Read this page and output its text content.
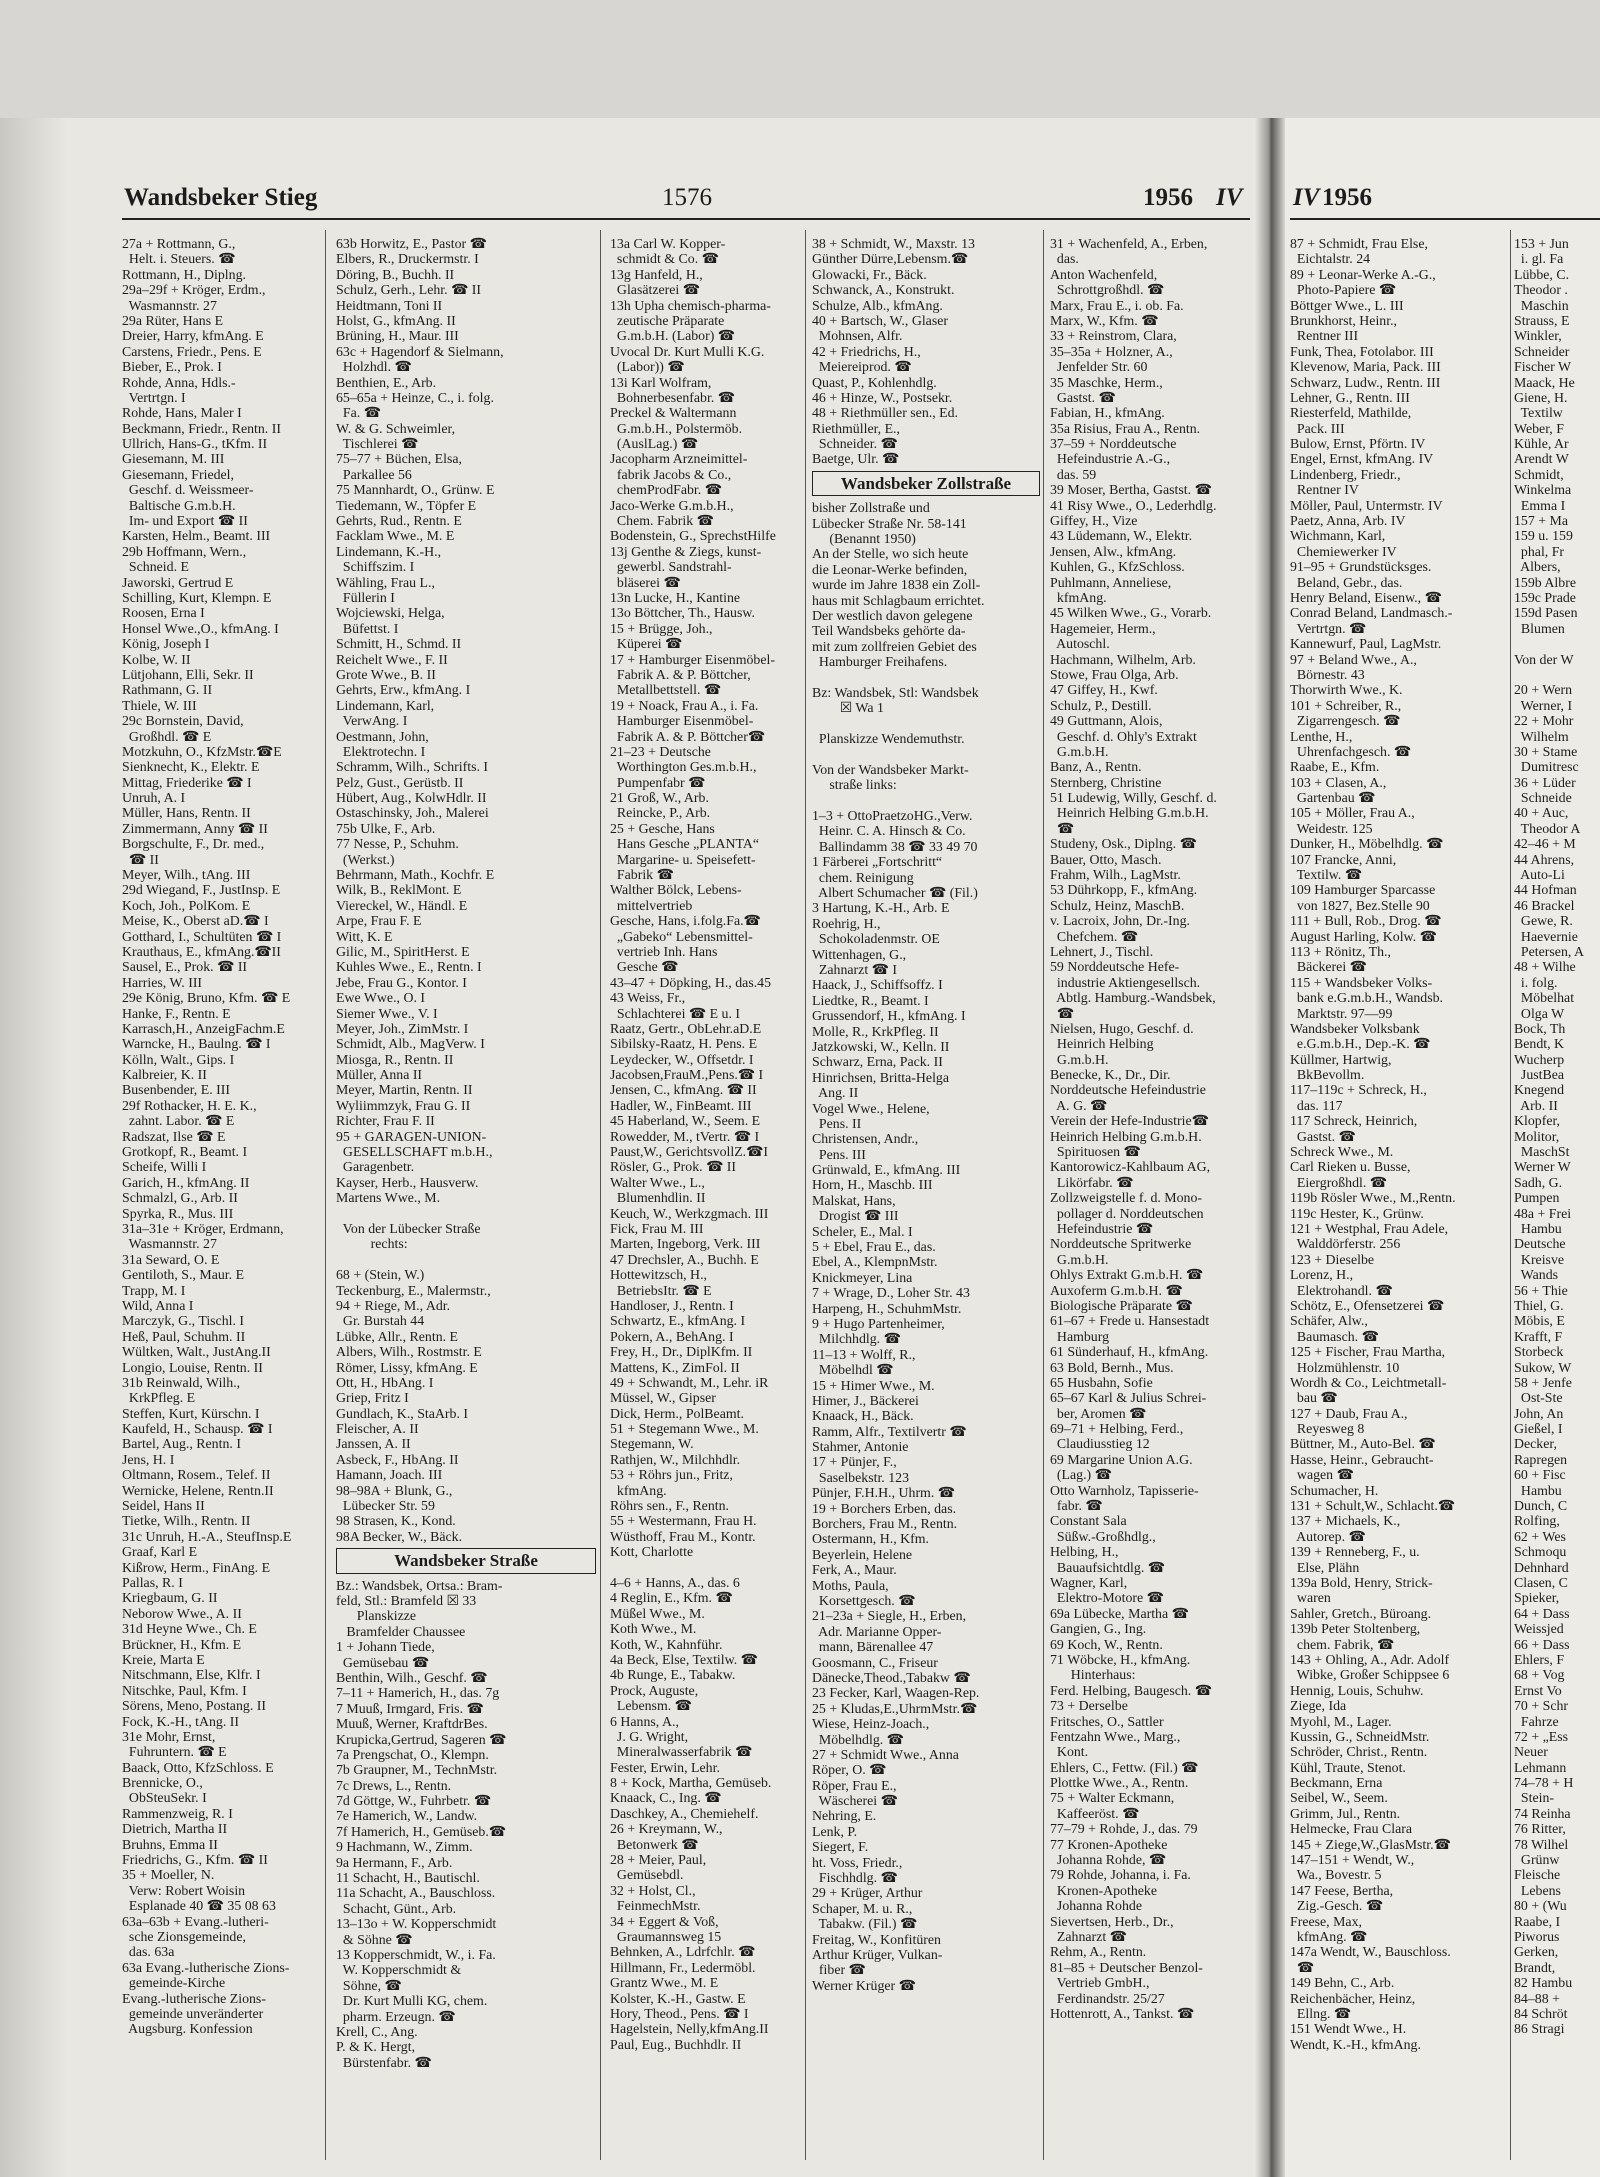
Wandsbeker Stieg	1576	1956 IV IV 1956
27a + Rottmann, G.,
Helt. i. Steuers. ☎
Rottmann, H., Diplng.
29a–29f + Kröger, Erdm.,
Wasmannstr. 27
29a Rüter, Hans E
Dreier, Harry, kfmAng. E
Carstens, Friedr., Pens. E
Bieber, E., Prok. I
Rohde, Anna, Hdls.-
Vertrtgn. I
Rohde, Hans, Maler I
Beckmann, Friedr., Rentn. II
Ullrich, Hans-G., tKfm. II
Giesemann, M. III
Giesemann, Friedel,
Geschf. d. Weissmeer-
Baltische G.m.b.H.
Im- und Export ☎ II
Karsten, Helm., Beamt. III
29b Hoffmann, Wern.,
Schneid. E
Jaworski, Gertrud E
Schilling, Kurt, Klempn. E
Roosen, Erna I
Honsel Wwe.,O., kfmAng. I
König, Joseph I
Kolbe, W. II
Lütjohann, Elli, Sekr. II
Rathmann, G. II
Thiele, W. III
29c Bornstein, David,
Großhdl. ☎ E
Motzkuhn, O., KfzMstr.☎E
Sienknecht, K., Elektr. E
Mittag, Friederike ☎ I
Unruh, A. I
Müller, Hans, Rentn. II
Zimmermann, Anny ☎ II
Borgschulte, F., Dr. med.,
☎ II
Meyer, Wilh., tAng. III
29d Wiegand, F., JustInsp. E
Koch, Joh., PolKom. E
Meise, K., Oberst aD.☎ I
Gotthard, I., Schultüten ☎ I
Krauthaus, E., kfmAng.☎II
Sausel, E., Prok. ☎ II
Harries, W. III
29e König, Bruno, Kfm. ☎ E
Hanke, F., Rentn. E
Karrasch,H., AnzeigFachm.E
Warncke, H., Baulng. ☎ I
Kölln, Walt., Gips. I
Kalbreier, K. II
Busenbender, E. III
29f Rothacker, H. E. K.,
zahnt. Labor. ☎ E
Radszat, Ilse ☎ E
Grotkopf, R., Beamt. I
Scheife, Willi I
Garich, H., kfmAng. II
Schmalzl, G., Arb. II
Spyrka, R., Mus. III
31a–31e + Kröger, Erdmann,
Wasmannstr. 27
31a Seward, O. E
Gentiloth, S., Maur. E
Trapp, M. I
Wild, Anna I
Marczyk, G., Tischl. I
Heß, Paul, Schuhm. II
Wültken, Walt., JustAng.II
Longio, Louise, Rentn. II
31b Reinwald, Wilh.,
KrkPfleg. E
Steffen, Kurt, Kürschn. I
Kaufeld, H., Schausp. ☎ I
Bartel, Aug., Rentn. I
Jens, H. I
Oltmann, Rosem., Telef. II
Wernicke, Helene, Rentn.II
Seidel, Hans II
Tietke, Wilh., Rentn. II
31c Unruh, H.-A., SteufInsp.E
Graaf, Karl E
Kißrow, Herm., FinAng. E
Pallas, R. I
Kriegbaum, G. II
Neborow Wwe., A. II
31d Heyne Wwe., Ch. E
Brückner, H., Kfm. E
Kreie, Marta E
Nitschmann, Else, Klfr. I
Nitschke, Paul, Kfm. I
Sörens, Meno, Postang. II
Fock, K.-H., tAng. II
31e Mohr, Ernst,
Fuhruntern. ☎ E
Baack, Otto, KfzSchloss. E
Brennicke, O.,
ObSteuSekr. I
Rammenzweig, R. I
Dietrich, Martha II
Bruhns, Emma II
Friedrichs, G., Kfm. ☎ II
35 + Moeller, N.
Verw: Robert Woisin
Esplanade 40 ☎ 35 08 63
63a–63b + Evang.-lutheri-
sche Zionsgemeinde,
das. 63a
63a Evang.-lutherische Zions-
gemeinde-Kirche
Evang.-lutherische Zions-
gemeinde unveränderter
Augsburg. Konfession
63b Horwitz, E., Pastor ☎
Elbers, R., Druckermstr. I
Döring, B., Buchh. II
Schulz, Gerh., Lehr. ☎ II
Heidtmann, Toni II
Holst, G., kfmAng. II
Brüning, H., Maur. III
63c + Hagendorf & Sielmann,
Holzhdl. ☎
Benthien, E., Arb.
65–65a + Heinze, C., i. folg.
Fa. ☎
W. & G. Schweimler,
Tischlerei ☎
75–77 + Büchen, Elsa,
Parkallee 56
75 Mannhardt, O., Grünw. E
Tiedemann, W., Töpfer E
Gehrts, Rud., Rentn. E
Facklam Wwe., M. E
Lindemann, K.-H.,
Schiffszim. I
Wähling, Frau L.,
Füllerin I
Wojciewski, Helga,
Büfettst. I
Schmitt, H., Schmd. II
Reichelt Wwe., F. II
Grote Wwe., B. II
Gehrts, Erw., kfmAng. I
Lindemann, Karl,
VerwAng. I
Oestmann, John,
Elektrotechn. I
Schramm, Wilh., Schrifts. I
Pelz, Gust., Gerüstb. II
Hübert, Aug., KolwHdlr. II
Ostaschinsky, Joh., Malerei
75b Ulke, F., Arb.
77 Nesse, P., Schuhm.
(Werkst.)
Behrmann, Math., Kochfr. E
Wilk, B., ReklMont. E
Viereckel, W., Händl. E
Arpe, Frau F. E
Witt, K. E
Gilic, M., SpiritHerst. E
Kuhles Wwe., E., Rentn. I
Jebe, Frau G., Kontor. I
Ewe Wwe., O. I
Siemer Wwe., V. I
Meyer, Joh., ZimMstr. I
Schmidt, Alb., MagVerw. I
Miosga, R., Rentn. II
Müller, Anna II
Meyer, Martin, Rentn. II
Wyliimmzyk, Frau G. II
Richter, Frau F. II
95 + GARAGEN-UNION-
GESELLSCHAFT m.b.H.,
Garagenbetr.
Kayser, Herb., Hausverw.
Martens Wwe., M.
Von der Lübecker Straße
rechts:
68 + (Stein, W.)
Teckenburg, E., Malermstr.,
94 + Riege, M., Adr.
Gr. Burstah 44
Lübke, Allr., Rentn. E
Albers, Wilh., Rostmstr. E
Römer, Lissy, kfmAng. E
Ott, H., HbAng. I
Griep, Fritz I
Gundlach, K., StaArb. I
Fleischer, A. II
Janssen, A. II
Asbeck, F., HbAng. II
Hamann, Joach. III
98–98A + Blunk, G.,
Lübecker Str. 59
98 Strasen, K., Kond.
98A Becker, W., Bäck.
Wandsbeker Straße
Bz.: Wandsbek, Ortsa.: Bram-
feld, Stl.: Bramfeld ☒ 33
Planskizze
Bramfelder Chaussee
1 + Johann Tiede,
Gemüsebau ☎
Benthin, Wilh., Geschf. ☎
7–11 + Hamerich, H., das. 7g
7 Muuß, Irmgard, Fris. ☎
Muuß, Werner, KraftdrBes.
Krupicka,Gertrud, Sageren ☎
7a Prengschat, O., Klempn.
7b Graupner, M., TechnMstr.
7c Drews, L., Rentn.
7d Göttge, W., Fuhrbetr. ☎
7e Hamerich, W., Landw.
7f Hamerich, H., Gemüseb.☎
9 Hachmann, W., Zimm.
9a Hermann, F., Arb.
11 Schacht, H., Bautischl.
11a Schacht, A., Bauschloss.
Schacht, Günt., Arb.
13–13o + W. Kopperschmidt
& Söhne ☎
13 Kopperschmidt, W., i. Fa.
W. Kopperschmidt &
Söhne, ☎
Dr. Kurt Mulli KG, chem.
pharm. Erzeugn. ☎
Krell, C., Ang.
P. & K. Hergt,
Bürstenfabr. ☎
13a Carl W. Kopper-
schmidt & Co. ☎
13g Hanfeld, H.,
Glasätzerei ☎
13h Upha chemisch-pharma-
zeutische Präparate
G.m.b.H. (Labor) ☎
Uvocal Dr. Kurt Mulli K.G.
(Labor)) ☎
13i Karl Wolfram,
Bohnerbesenfabr. ☎
Preckel & Waltermann
G.m.b.H., Polstermöb.
(AuslLag.) ☎
Jacopharm Arzneimittel-
fabrik Jacobs & Co.,
chemProdFabr. ☎
Jaco-Werke G.m.b.H.,
Chem. Fabrik ☎
Bodenstein, G., SprechstHilfe
13j Genthe & Ziegs, kunst-
gewerbl. Sandstrahl-
bläserei ☎
13n Lucke, H., Kantine
13o Böttcher, Th., Hausw.
15 + Brügge, Joh.,
Küperei ☎
17 + Hamburger Eisenmöbel-
Fabrik A. & P. Böttcher,
Metallbettstell. ☎
19 + Noack, Frau A., i. Fa.
Hamburger Eisenmöbel-
Fabrik A. & P. Böttcher☎
21–23 + Deutsche
Worthington Ges.m.b.H.,
Pumpenfabr ☎
21 Groß, W., Arb.
Reincke, P., Arb.
25 + Gesche, Hans
Hans Gesche „PLANTA“
Margarine- u. Speisefett-
Fabrik ☎
Walther Bölck, Lebens-
mittelvertrieb
Gesche, Hans, i.folg.Fa.☎
„Gabeko“ Lebensmittel-
vertrieb Inh. Hans
Gesche ☎
43–47 + Döpking, H., das.45
43 Weiss, Fr.,
Schlachterei ☎ E u. I
Raatz, Gertr., ObLehr.aD.E
Sibilsky-Raatz, H. Pens. E
Leydecker, W., Offsetdr. I
Jacobsen,FrauM.,Pens.☎ I
Jensen, C., kfmAng. ☎ II
Hadler, W., FinBeamt. III
45 Haberland, W., Seem. E
Rowedder, M., tVertr. ☎ I
Paust,W., GerichtsvollZ.☎I
Rösler, G., Prok. ☎ II
Walter Wwe., L.,
Blumenhdlin. II
Keuch, W., Werkzgmach. III
Fick, Frau M. III
Marten, Ingeborg, Verk. III
47 Drechsler, A., Buchh. E
Hottewitzsch, H.,
BetriebsItr. ☎ E
Handloser, J., Rentn. I
Schwartz, E., kfmAng. I
Pokern, A., BehAng. I
Frey, H., Dr., DiplKfm. II
Mattens, K., ZimFol. II
49 + Schwandt, M., Lehr. iR
Müssel, W., Gipser
Dick, Herm., PolBeamt.
51 + Stegemann Wwe., M.
Stegemann, W.
Rathjen, W., Milchhdlr.
53 + Röhrs jun., Fritz,
kfmAng.
Röhrs sen., F., Rentn.
55 + Westermann, Frau H.
Wüsthoff, Frau M., Kontr.
Kott, Charlotte
4–6 + Hanns, A., das. 6
4 Reglin, E., Kfm. ☎
Müßel Wwe., M.
Koth Wwe., M.
Koth, W., Kahnführ.
4a Beck, Else, Textilw. ☎
4b Runge, E., Tabakw.
Prock, Auguste,
Lebensm. ☎
6 Hanns, A.,
J. G. Wright,
Mineralwasserfabrik ☎
Fester, Erwin, Lehr.
8 + Kock, Martha, Gemüseb.
Knaack, C., Ing. ☎
Daschkey, A., Chemiehelf.
26 + Kreymann, W.,
Betonwerk ☎
28 + Meier, Paul,
Gemüsebdl.
32 + Holst, Cl.,
FeinmechMstr.
34 + Eggert & Voß,
Graumannsweg 15
Behnken, A., Ldrfchlr. ☎
Hillmann, Fr., Ledermöbl.
Grantz Wwe., M. E
Kolster, K.-H., Gastw. E
Hory, Theod., Pens. ☎ I
Hagelstein, Nelly,kfmAng.II
Paul, Eug., Buchhdlr. II
38 + Schmidt, W., Maxstr. 13
Günther Dürre,Lebensm.☎
Glowacki, Fr., Bäck.
Schwanck, A., Konstrukt.
Schulze, Alb., kfmAng.
40 + Bartsch, W., Glaser
Mohnsen, Alfr.
42 + Friedrichs, H.,
Meiereiprod. ☎
Quast, P., Kohlenhdlg.
46 + Hinze, W., Postsekr.
48 + Riethmüller sen., Ed.
Riethmüller, E.,
Schneider. ☎
Baetge, Ulr. ☎
Wandsbeker Zollstraße
bisher Zollstraße und
Lübecker Straße Nr. 58-141
(Benannt 1950)
An der Stelle, wo sich heute
die Leonar-Werke befinden,
wurde im Jahre 1838 ein Zoll-
haus mit Schlagbaum errichtet.
Der westlich davon gelegene
Teil Wandsbeks gehörte da-
mit zum zollfreien Gebiet des
Hamburger Freihafens.
Bz: Wandsbek, Stl: Wandsbek
☒ Wa 1
Planskizze Wendemuthstr.
Von der Wandsbeker Markt-
straße links:
1–3 + OttoPraetzoHG.,Verw.
Heinr. C. A. Hinsch & Co.
Ballindamm 38 ☎ 33 49 70
1 Färberei „Fortschritt“
chem. Reinigung
Albert Schumacher ☎ (Fil.)
3 Hartung, K.-H., Arb. E
Roehrig, H.,
Schokoladenmstr. OE
Wittenhagen, G.,
Zahnarzt ☎ I
Haack, J., Schiffsoffz. I
Liedtke, R., Beamt. I
Grussendorf, H., kfmAng. I
Molle, R., KrkPfleg. II
Jatzkowski, W., Kelln. II
Schwarz, Erna, Pack. II
Hinrichsen, Britta-Helga
Ang. II
Vogel Wwe., Helene,
Pens. II
Christensen, Andr.,
Pens. III
Grünwald, E., kfmAng. III
Horn, H., Maschb. III
Malskat, Hans,
Drogist ☎ III
Scheler, E., Mal. I
5 + Ebel, Frau E., das.
Ebel, A., KlempnMstr.
Knickmeyer, Lina
7 + Wrage, D., Loher Str. 43
Harpeng, H., SchuhmMstr.
9 + Hugo Partenheimer,
Milchhdlg. ☎
11–13 + Wolff, R.,
Möbelhdl ☎
15 + Himer Wwe., M.
Himer, J., Bäckerei
Knaack, H., Bäck.
Ramm, Alfr., Textilvertr ☎
Stahmer, Antonie
17 + Pünjer, F.,
Saselbekstr. 123
Pünjer, F.H.H., Uhrm. ☎
19 + Borchers Erben, das.
Borchers, Frau M., Rentn.
Ostermann, H., Kfm.
Beyerlein, Helene
Ferk, A., Maur.
Moths, Paula,
Korsettgesch. ☎
21–23a + Siegle, H., Erben,
Adr. Marianne Opper-
mann, Bärenallee 47
Goosmann, C., Friseur
Dänecke,Theod.,Tabakw ☎
23 Fecker, Karl, Waagen-Rep.
25 + Kludas,E.,UhrmMstr.☎
Wiese, Heinz-Joach.,
Möbelhdlg. ☎
27 + Schmidt Wwe., Anna
Röper, O. ☎
Röper, Frau E.,
Wäscherei ☎
Nehring, E.
Lenk, P.
Siegert, F.
ht. Voss, Friedr.,
Fischhdlg. ☎
29 + Krüger, Arthur
Schaper, M. u. R.,
Tabakw. (Fil.) ☎
Freitag, W., Konfitüren
Arthur Krüger, Vulkan-
fiber ☎
Werner Krüger ☎
31 + Wachenfeld, A., Erben,
das.
Anton Wachenfeld,
Schrottgroßhdl. ☎
Marx, Frau E., i. ob. Fa.
Marx, W., Kfm. ☎
33 + Reinstrom, Clara,
35–35a + Holzner, A.,
Jenfelder Str. 60
35 Maschke, Herm.,
Gastst. ☎
Fabian, H., kfmAng.
35a Risius, Frau A., Rentn.
37–59 + Norddeutsche
Hefeindustrie A.-G.,
das. 59
39 Moser, Bertha, Gastst. ☎
41 Risy Wwe., O., Lederhdlg.
Giffey, H., Vize
43 Lüdemann, W., Elektr.
Jensen, Alw., kfmAng.
Kuhlen, G., KfzSchloss.
Puhlmann, Anneliese,
kfmAng.
45 Wilken Wwe., G., Vorarb.
Hagemeier, Herm.,
Autoschl.
Hachmann, Wilhelm, Arb.
Stowe, Frau Olga, Arb.
47 Giffey, H., Kwf.
Schulz, P., Destill.
49 Guttmann, Alois,
Geschf. d. Ohly's Extrakt
G.m.b.H.
Banz, A., Rentn.
Sternberg, Christine
51 Ludewig, Willy, Geschf. d.
Heinrich Helbing G.m.b.H.
☎
Studeny, Osk., Diplng. ☎
Bauer, Otto, Masch.
Frahm, Wilh., LagMstr.
53 Dührkopp, F., kfmAng.
Schulz, Heinz, MaschB.
v. Lacroix, John, Dr.-Ing.
Chefchem. ☎
Lehnert, J., Tischl.
59 Norddeutsche Hefe-
industrie Aktiengesellsch.
Abtlg. Hamburg.-Wandsbek,
☎
Nielsen, Hugo, Geschf. d.
Heinrich Helbing
G.m.b.H.
Benecke, K., Dr., Dir.
Norddeutsche Hefeindustrie
A. G. ☎
Verein der Hefe-Industrie☎
Heinrich Helbing G.m.b.H.
Spirituosen ☎
Kantorowicz-Kahlbaum AG,
Likörfabr. ☎
Zollzweigstelle f. d. Mono-
pollager d. Norddeutschen
Hefeindustrie ☎
Norddeutsche Spritwerke
G.m.b.H.
Ohlys Extrakt G.m.b.H. ☎
Auxoferm G.m.b.H. ☎
Biologische Präparate ☎
61–67 + Frede u. Hansestadt
Hamburg
61 Sünderhauf, H., kfmAng.
63 Bold, Bernh., Mus.
65 Husbahn, Sofie
65–67 Karl & Julius Schrei-
ber, Aromen ☎
69–71 + Helbing, Ferd.,
Claudiusstieg 12
69 Margarine Union A.G.
(Lag.) ☎
Otto Warnholz, Tapisserie-
fabr. ☎
Constant Sala
Süßw.-Großhdlg.,
Helbing, H.,
Bauaufsichtdlg. ☎
Wagner, Karl,
Elektro-Motore ☎
69a Lübecke, Martha ☎
Gangien, G., Ing.
69 Koch, W., Rentn.
71 Wöbcke, H., kfmAng.
Hinterhaus:
Ferd. Helbing, Baugesch. ☎
73 + Derselbe
Fritsches, O., Sattler
Fentzahn Wwe., Marg.,
Kont.
Ehlers, C., Fettw. (Fil.) ☎
Plottke Wwe., A., Rentn.
75 + Walter Eckmann,
Kaffeeröst. ☎
77–79 + Rohde, J., das. 79
77 Kronen-Apotheke
Johanna Rohde, ☎
79 Rohde, Johanna, i. Fa.
Kronen-Apotheke
Johanna Rohde
Sievertsen, Herb., Dr.,
Zahnarzt ☎
Rehm, A., Rentn.
81–85 + Deutscher Benzol-
Vertrieb GmbH.,
Ferdinandstr. 25/27
Hottenrott, A., Tankst. ☎
87 + Schmidt, Frau Else,
Eichtalstr. 24
89 + Leonar-Werke A.-G.,
Photo-Papiere ☎
Böttger Wwe., L. III
Brunkhorst, Heinr.,
Rentner III
Funk, Thea, Fotolabor. III
Klevenow, Maria, Pack. III
Schwarz, Ludw., Rentn. III
Lehner, G., Rentn. III
Riesterfeld, Mathilde,
Pack. III
Bulow, Ernst, Pförtn. IV
Engel, Ernst, kfmAng. IV
Lindenberg, Friedr.,
Rentner IV
Möller, Paul, Untermstr. IV
Paetz, Anna, Arb. IV
Wichmann, Karl,
Chemiewerker IV
91–95 + Grundstücksges.
Beland, Gebr., das.
Henry Beland, Eisenw., ☎
Conrad Beland, Landmasch.-
Vertrtgn. ☎
Kannewurf, Paul, LagMstr.
97 + Beland Wwe., A.,
Börnestr. 43
Thorwirth Wwe., K.
101 + Schreiber, R.,
Zigarrengesch. ☎
Lenthe, H.,
Uhrenfachgesch. ☎
Raabe, E., Kfm.
103 + Clasen, A.,
Gartenbau ☎
105 + Möller, Frau A.,
Weidestr. 125
Dunker, H., Möbelhdlg. ☎
107 Francke, Anni,
Textilw. ☎
109 Hamburger Sparcasse
von 1827, Bez.Stelle 90
111 + Bull, Rob., Drog. ☎
August Harling, Kolw. ☎
113 + Rönitz, Th.,
Bäckerei ☎
115 + Wandsbeker Volks-
bank e.G.m.b.H., Wandsb.
Marktstr. 97—99
Wandsbeker Volksbank
e.G.m.b.H., Dep.-K. ☎
Küllmer, Hartwig,
BkBevollm.
117–119c + Schreck, H.,
das. 117
117 Schreck, Heinrich,
Gastst. ☎
Schreck Wwe., M.
Carl Rieken u. Busse,
Eiergroßhdl. ☎
119b Rösler Wwe., M.,Rentn.
119c Hester, K., Grünw.
121 + Westphal, Frau Adele,
Walddörferstr. 256
123 + Dieselbe
Lorenz, H.,
Elektrohandl. ☎
Schötz, E., Ofensetzerei ☎
Schäfer, Alw.,
Baumasch. ☎
125 + Fischer, Frau Martha,
Holzmühlenstr. 10
Wordh & Co., Leichtmetall-
bau ☎
127 + Daub, Frau A.,
Reyesweg 8
Büttner, M., Auto-Bel. ☎
Hasse, Heinr., Gebraucht-
wagen ☎
Schumacher, H.
131 + Schult,W., Schlacht.☎
137 + Michaels, K.,
Autorep. ☎
139 + Renneberg, F., u.
Else, Plähn
139a Bold, Henry, Strick-
waren
Sahler, Gretch., Büroang.
139b Peter Stoltenberg,
chem. Fabrik, ☎
143 + Ohling, A., Adr. Adolf
Wibke, Großer Schippsee 6
Hennig, Louis, Schuhw.
Ziege, Ida
Myohl, M., Lager.
Kussin, G., SchneidMstr.
Schröder, Christ., Rentn.
Kühl, Traute, Stenot.
Beckmann, Erna
Seibel, W., Seem.
Grimm, Jul., Rentn.
Helmecke, Frau Clara
145 + Ziege,W.,GlasMstr.☎
147–151 + Wendt, W.,
Wa., Bovestr. 5
147 Feese, Bertha,
Zig.-Gesch. ☎
Freese, Max,
kfmAng. ☎
147a Wendt, W., Bauschloss.
☎
149 Behn, C., Arb.
Reichenbächer, Heinz,
Ellng. ☎
151 Wendt Wwe., H.
Wendt, K.-H., kfmAng.
153 + Jun
i. gl. Fa
Lübbe, C.
Theodor .
Maschin
Strauss, E
Winkler,
Schneider
Fischer W
Maack, He
Giene, H.
Textilw
Weber, F
Kühle, Ar
Arendt W
Schmidt,
Winkelma
Emma I
157 + Ma
159 u. 159
phal, Fr
Albers,
159b Albre
159c Prade
159d Pasen
Blumen
Von der W
20 + Wern
Werner, I
22 + Mohr
Wilhelm
30 + Stame
Dumitresc
36 + Lüder
Schneide
40 + Auc,
Theodor A
42–46 + M
44 Ahrens,
Auto-Li
44 Hofman
46 Brackel
Gewe, R.
Haevernie
Petersen, A
48 + Wilhe
i. folg.
Möbelhat
Olga W
Bock, Th
Bendt, K
Wucherp
JustBea
Knegend
Arb. II
Klopfer,
Molitor,
MaschSt
Werner W
Sadh, G.
Pumpen
48a + Frei
Hambu
Deutsche
Kreisve
Wands
56 + Thie
Thiel, G.
Möbis, E
Krafft, F
Storbeck
Sukow, W
58 + Jenfe
Ost-Ste
John, An
Gießel, I
Decker,
Rapregen
60 + Fisc
Hambu
Dunch, C
Rolfing,
62 + Wes
Schmoqu
Dehnhard
Clasen, C
Spieker,
64 + Dass
Weissjed
66 + Dass
Ehlers, F
68 + Vog
Ernst Vo
70 + Schr
Fahrze
72 + „Ess
Neuer
Lehmann
74–78 + H
Stein-
74 Reinha
76 Ritter,
78 Wilhel
Grünw
Fleische
Lebens
80 + (Wu
Raabe, I
Piworus
Gerken,
Brandt,
82 Hambu
84–88 +
84 Schröt
86 Stragi
